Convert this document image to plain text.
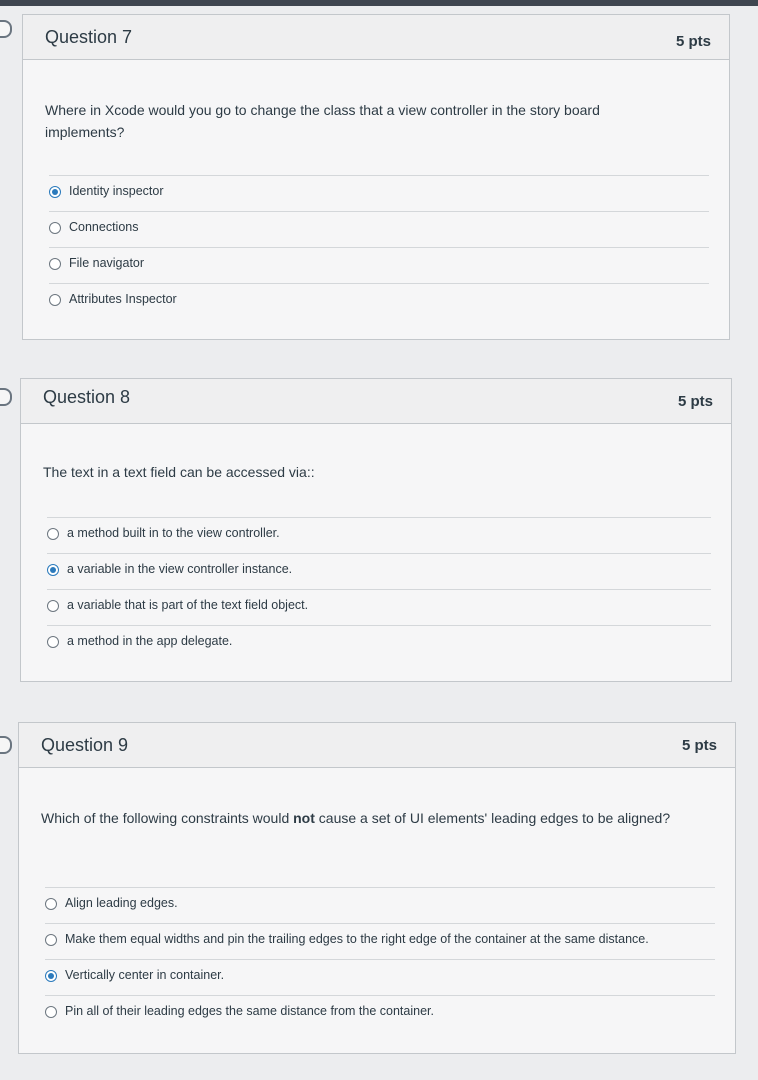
Question 7	5 pts
Where in Xcode would you go to change the class that a view controller in the story board implements?
Identity inspector
Connections
File navigator
Attributes Inspector
Question 8	5 pts
The text in a text field can be accessed via::
a method built in to the view controller.
a variable in the view controller instance.
a variable that is part of the text field object.
a method in the app delegate.
Question 9	5 pts
Which of the following constraints would not cause a set of UI elements' leading edges to be aligned?
Align leading edges.
Make them equal widths and pin the trailing edges to the right edge of the container at the same distance.
Vertically center in container.
Pin all of their leading edges the same distance from the container.
